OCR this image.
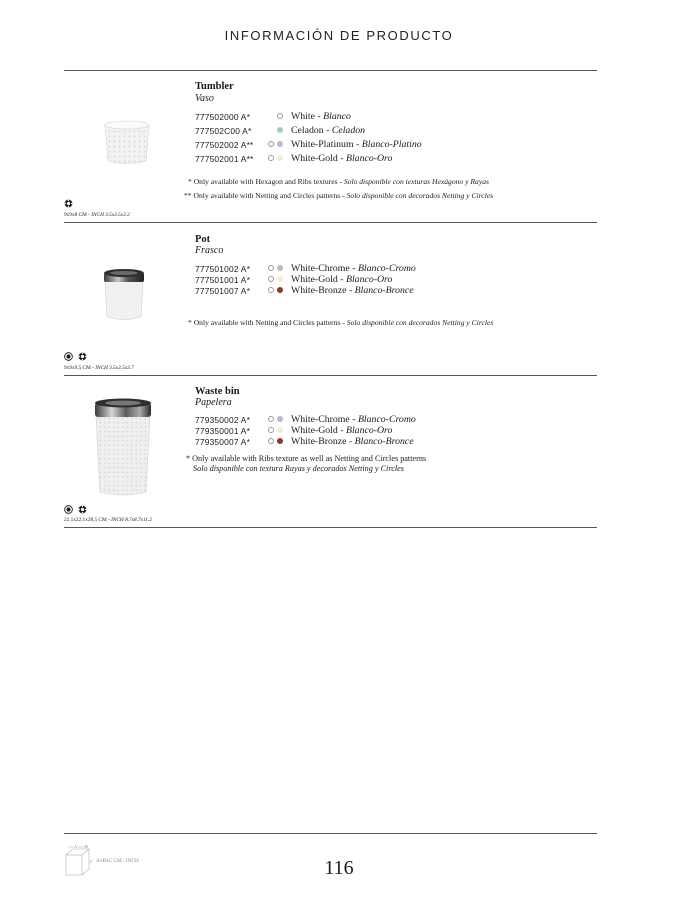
INFORMACIÓN DE PRODUCTO
Tumbler
Vaso
777502000 A*	White - Blanco
777502C00 A*	Celadon - Celadon
777502002 A**	White-Platinum - Blanco-Platino
777502001 A**	White-Gold - Blanco-Oro
* Only available with Hexagon and Ribs textures - Solo disponible con texturas Hexágono y Rayas
** Only available with Netting and Circles patterns - Solo disponible con decorados Netting y Circles
9x9x8 CM - INCH 3.5x3.5x3.2
Pot
Frasco
777501002 A*	White-Chrome - Blanco-Cromo
777501001 A*	White-Gold - Blanco-Oro
777501007 A*	White-Bronze - Blanco-Bronce
* Only available with Netting and Circles patterns - Solo disponible con decorados Netting y Circles

9x9x9,5 CM - INCH 3.5x3.5x3.7
Waste bin
Papelera
779350002 A*	White-Chrome - Blanco-Cromo
779350001 A*	White-Gold - Blanco-Oro
779350007 A*	White-Bronze - Blanco-Bronce
* Only available with Ribs texture as well as Netting and Circles patterns
Solo disponible con textura Rayas y decorados Netting y Circles

22,1x22,1x28,5 CM - INCH 8.7x8.7x11.2
A B
C AxBxC CM / INCH	116
